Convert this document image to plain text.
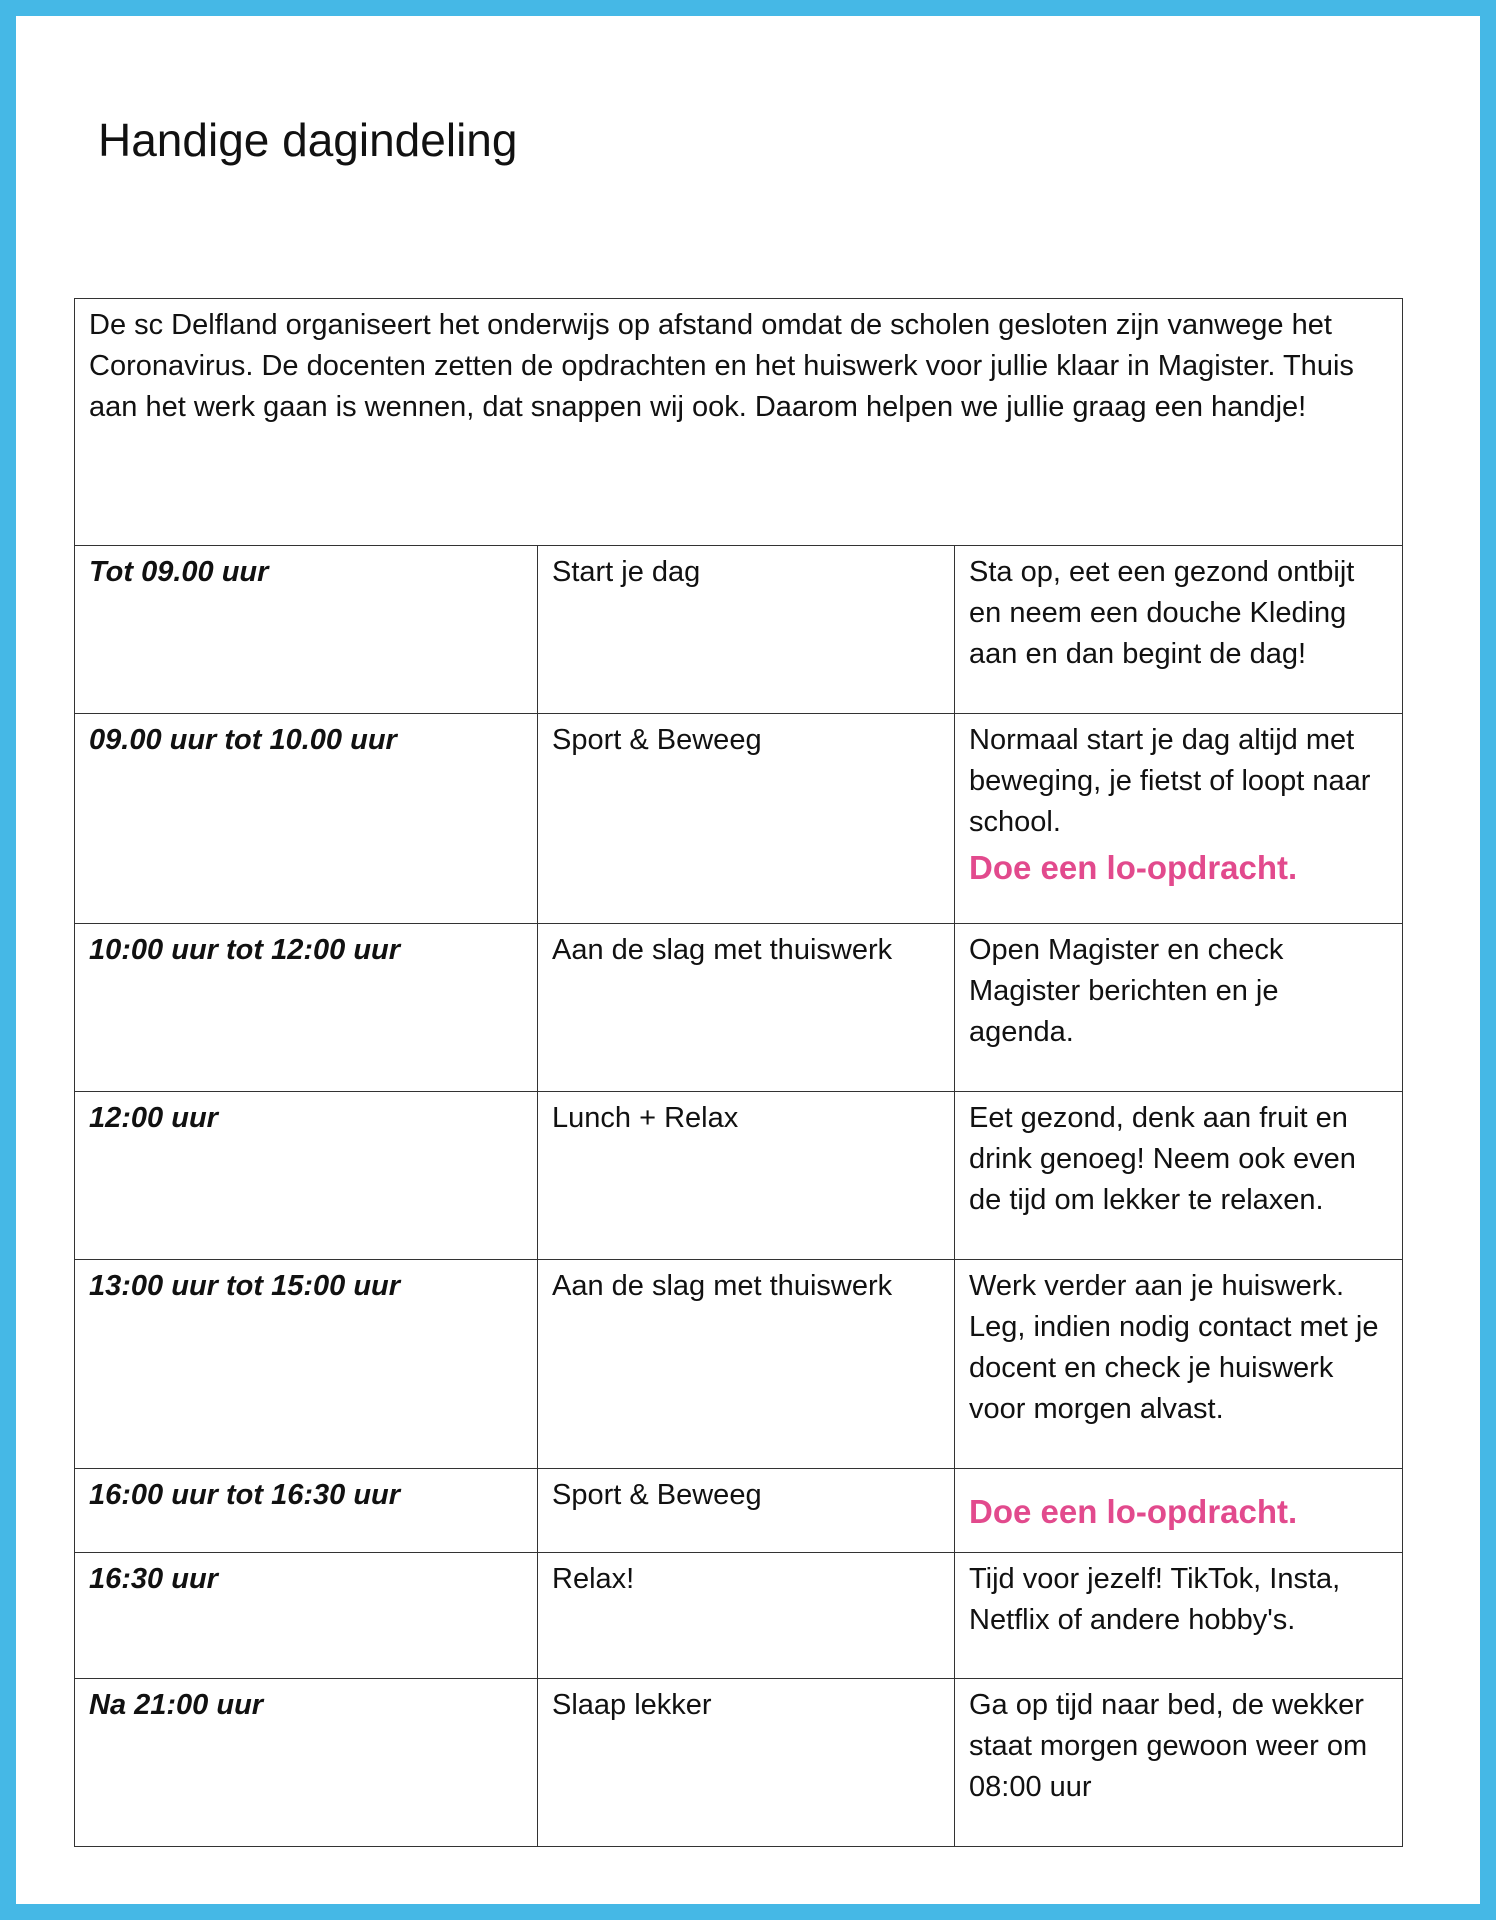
Handige dagindeling
De sc Delfland organiseert het onderwijs op afstand omdat de scholen gesloten zijn vanwege het Coronavirus. De docenten zetten de opdrachten en het huiswerk voor jullie klaar in Magister. Thuis aan het werk gaan is wennen, dat snappen wij ook. Daarom helpen we jullie graag een handje!		
Tot 09.00 uur	Start je dag	Sta op, eet een gezond ontbijt en neem een douche Kleding aan en dan begint de dag!
09.00 uur tot 10.00 uur	Sport & Beweeg	Normaal start je dag altijd met beweging, je fietst of loopt naar school.
Doe een lo-opdracht.

10:00 uur tot 12:00 uur	Aan de slag met thuiswerk	Open Magister en check Magister berichten en je agenda.
12:00 uur	Lunch + Relax	Eet gezond, denk aan fruit en drink genoeg! Neem ook even de tijd om lekker te relaxen.
13:00 uur tot 15:00 uur	Aan de slag met thuiswerk	Werk verder aan je huiswerk. Leg, indien nodig contact met je docent en check je huiswerk voor morgen alvast.
16:00 uur tot 16:30 uur	Sport & Beweeg	Doe een lo-opdracht.

16:30 uur	Relax!	Tijd voor jezelf! TikTok, Insta, Netflix of andere hobby's.
Na 21:00 uur	Slaap lekker	Ga op tijd naar bed, de wekker staat morgen gewoon weer om 08:00 uur
